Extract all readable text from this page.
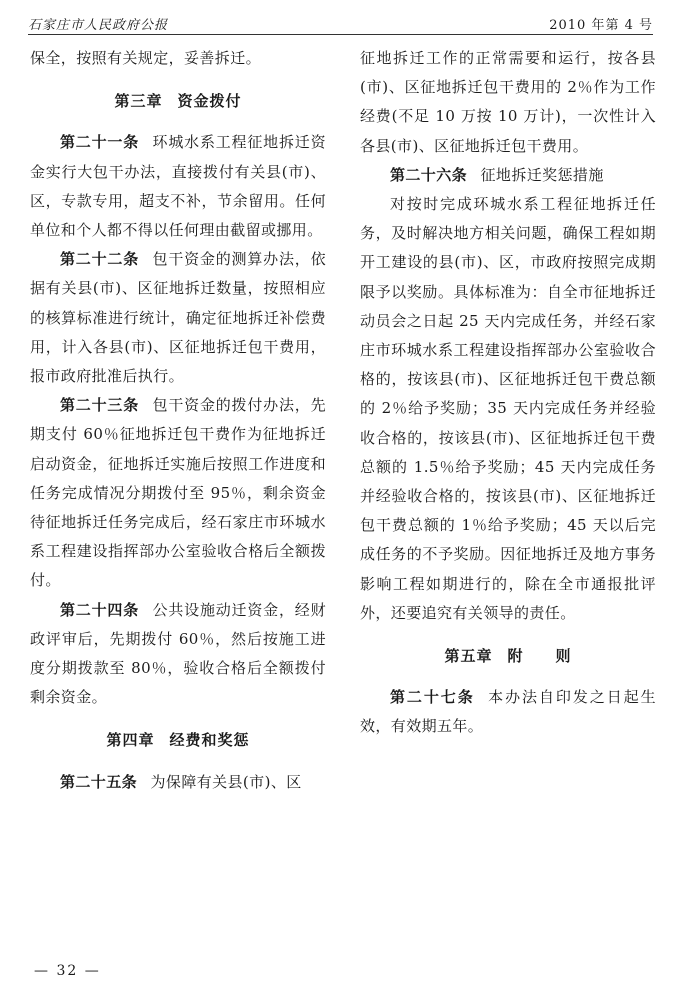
石家庄市人民政府公报	2010 年第 4 号

保全，按照有关规定，妥善拆迁。

第三章 资金拨付

第二十一条 环城水系工程征地拆迁资金实行大包干办法，直接拨付有关县(市)、区，专款专用，超支不补，节余留用。任何单位和个人都不得以任何理由截留或挪用。

第二十二条 包干资金的测算办法，依据有关县(市)、区征地拆迁数量，按照相应的核算标准进行统计，确定征地拆迁补偿费用，计入各县(市)、区征地拆迁包干费用，报市政府批准后执行。

第二十三条 包干资金的拨付办法，先期支付 60％征地拆迁包干费作为征地拆迁启动资金，征地拆迁实施后按照工作进度和任务完成情况分期拨付至 95％，剩余资金待征地拆迁任务完成后，经石家庄市环城水系工程建设指挥部办公室验收合格后全额拨付。

第二十四条 公共设施动迁资金，经财政评审后，先期拨付 60％，然后按施工进度分期拨款至 80％，验收合格后全额拨付剩余资金。

第四章 经费和奖惩

第二十五条 为保障有关县(市)、区

征地拆迁工作的正常需要和运行，按各县(市)、区征地拆迁包干费用的 2％作为工作经费(不足 10 万按 10 万计)，一次性计入各县(市)、区征地拆迁包干费用。

第二十六条 征地拆迁奖惩措施

对按时完成环城水系工程征地拆迁任务，及时解决地方相关问题，确保工程如期开工建设的县(市)、区，市政府按照完成期限予以奖励。具体标准为：自全市征地拆迁动员会之日起 25 天内完成任务，并经石家庄市环城水系工程建设指挥部办公室验收合格的，按该县(市)、区征地拆迁包干费总额的 2％给予奖励；35 天内完成任务并经验收合格的，按该县(市)、区征地拆迁包干费总额的 1.5％给予奖励；45 天内完成任务并经验收合格的，按该县(市)、区征地拆迁包干费总额的 1％给予奖励；45 天以后完成任务的不予奖励。因征地拆迁及地方事务影响工程如期进行的，除在全市通报批评外，还要追究有关领导的责任。

第五章 附　　则

第二十七条 本办法自印发之日起生效，有效期五年。

— 32 —
